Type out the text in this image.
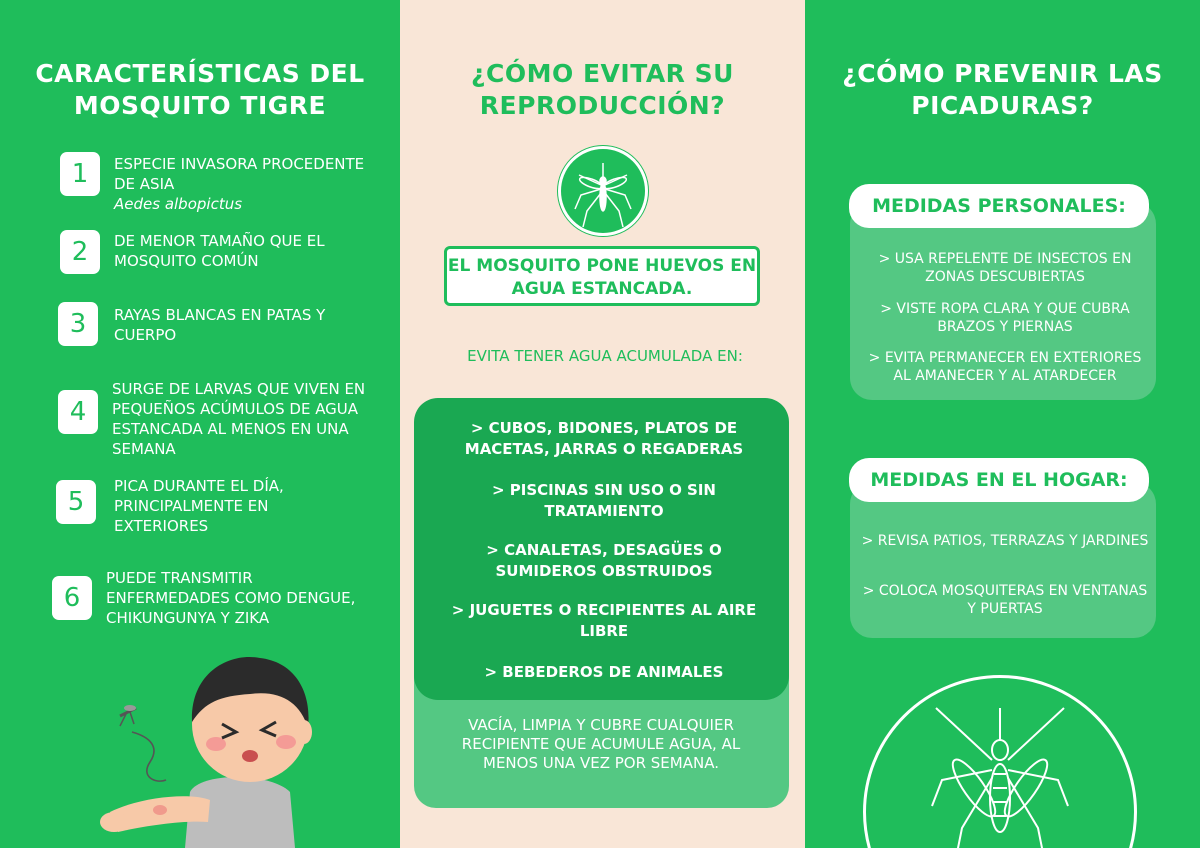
CARACTERÍSTICAS DEL
MOSQUITO TIGRE
1	ESPECIE INVASORA PROCEDENTE DE ASIA
Aedes albopictus
2	DE MENOR TAMAÑO QUE EL MOSQUITO COMÚN
3	RAYAS BLANCAS EN PATAS Y CUERPO
4
SURGE DE LARVAS QUE VIVEN EN PEQUEÑOS ACÚMULOS DE AGUA ESTANCADA AL MENOS EN UNA SEMANA
5
PICA DURANTE EL DÍA, PRINCIPALMENTE EN EXTERIORES
6
PUEDE TRANSMITIR ENFERMEDADES COMO DENGUE, CHIKUNGUNYA Y ZIKA
¿CÓMO EVITAR SU
REPRODUCCIÓN?
EL MOSQUITO PONE HUEVOS EN AGUA ESTANCADA.
EVITA TENER AGUA ACUMULADA EN:
VACÍA, LIMPIA Y CUBRE CUALQUIER RECIPIENTE QUE ACUMULE AGUA, AL MENOS UNA VEZ POR SEMANA.
> CUBOS, BIDONES, PLATOS DE MACETAS, JARRAS O REGADERAS
> PISCINAS SIN USO O SIN TRATAMIENTO
> CANALETAS, DESAGÜES O SUMIDEROS OBSTRUIDOS
> JUGUETES O RECIPIENTES AL AIRE LIBRE
> BEBEDEROS DE ANIMALES
¿CÓMO PREVENIR LAS
PICADURAS?
MEDIDAS PERSONALES:
> USA REPELENTE DE INSECTOS EN ZONAS DESCUBIERTAS
> VISTE ROPA CLARA Y QUE CUBRA BRAZOS Y PIERNAS
> EVITA PERMANECER EN EXTERIORES AL AMANECER Y AL ATARDECER
MEDIDAS EN EL HOGAR:
> REVISA PATIOS, TERRAZAS Y JARDINES
> COLOCA MOSQUITERAS EN VENTANAS Y PUERTAS
